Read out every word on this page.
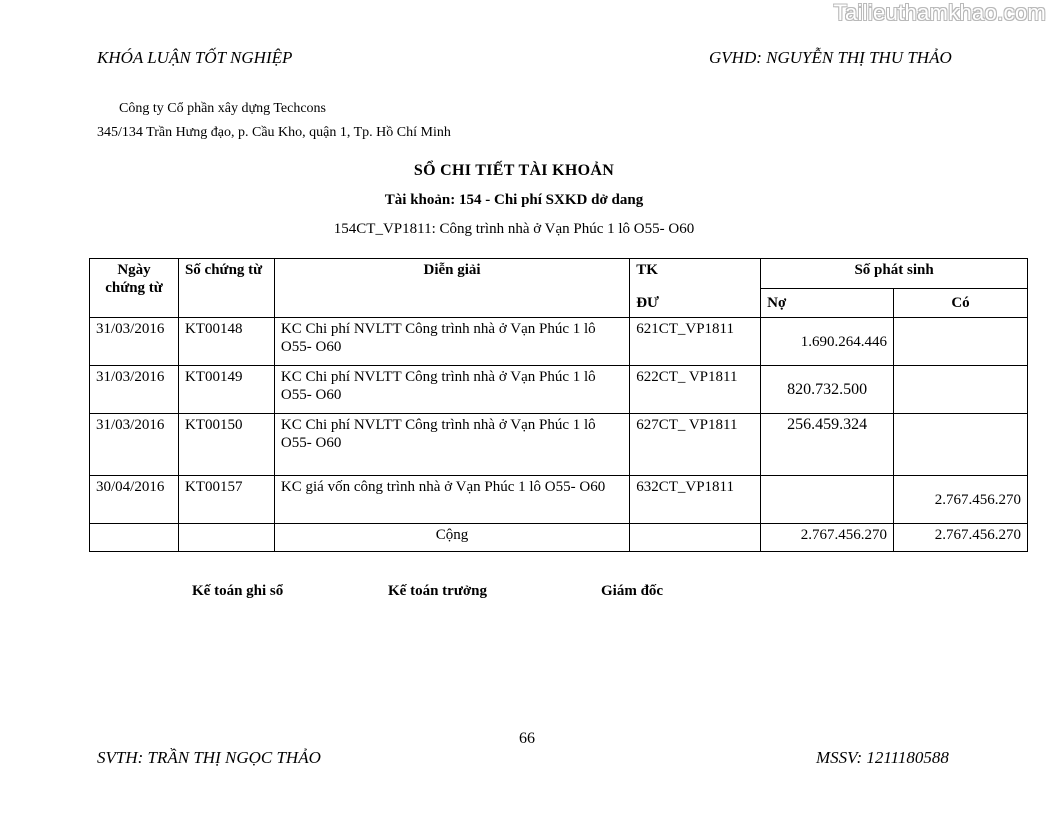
Tailieuthamkhao.com
KHÓA LUẬN TỐT NGHIỆP	GVHD: NGUYỄN THỊ THU THẢO
Công ty Cổ phần xây dựng Techcons
345/134 Trần Hưng đạo, p. Cầu Kho, quận 1, Tp. Hồ Chí Minh
SỔ CHI TIẾT TÀI KHOẢN
Tài khoản: 154 - Chi phí SXKD dở dang
154CT_VP1811: Công trình nhà ở Vạn Phúc 1 lô O55- O60
Ngày chứng từ	Số chứng từ	Diễn giải	TK	Số phát sinh	
			ĐƯ	Nợ	Có
31/03/2016	KT00148	KC Chi phí NVLTT Công trình nhà ở Vạn Phúc 1 lô O55- O60	621CT_VP1811	1.690.264.446	
31/03/2016	KT00149	KC Chi phí NVLTT Công trình nhà ở Vạn Phúc 1 lô O55- O60	622CT_ VP1811	820.732.500	
31/03/2016	KT00150	KC Chi phí NVLTT Công trình nhà ở Vạn Phúc 1 lô O55- O60	627CT_ VP1811	256.459.324	
30/04/2016	KT00157	KC giá vốn công trình nhà ở Vạn Phúc 1 lô O55- O60	632CT_VP1811		2.767.456.270
		Cộng		2.767.456.270	2.767.456.270
Kế toán ghi sổ	Kế toán trưởng	Giám đốc
66
SVTH: TRẦN THỊ NGỌC THẢO	MSSV: 1211180588
